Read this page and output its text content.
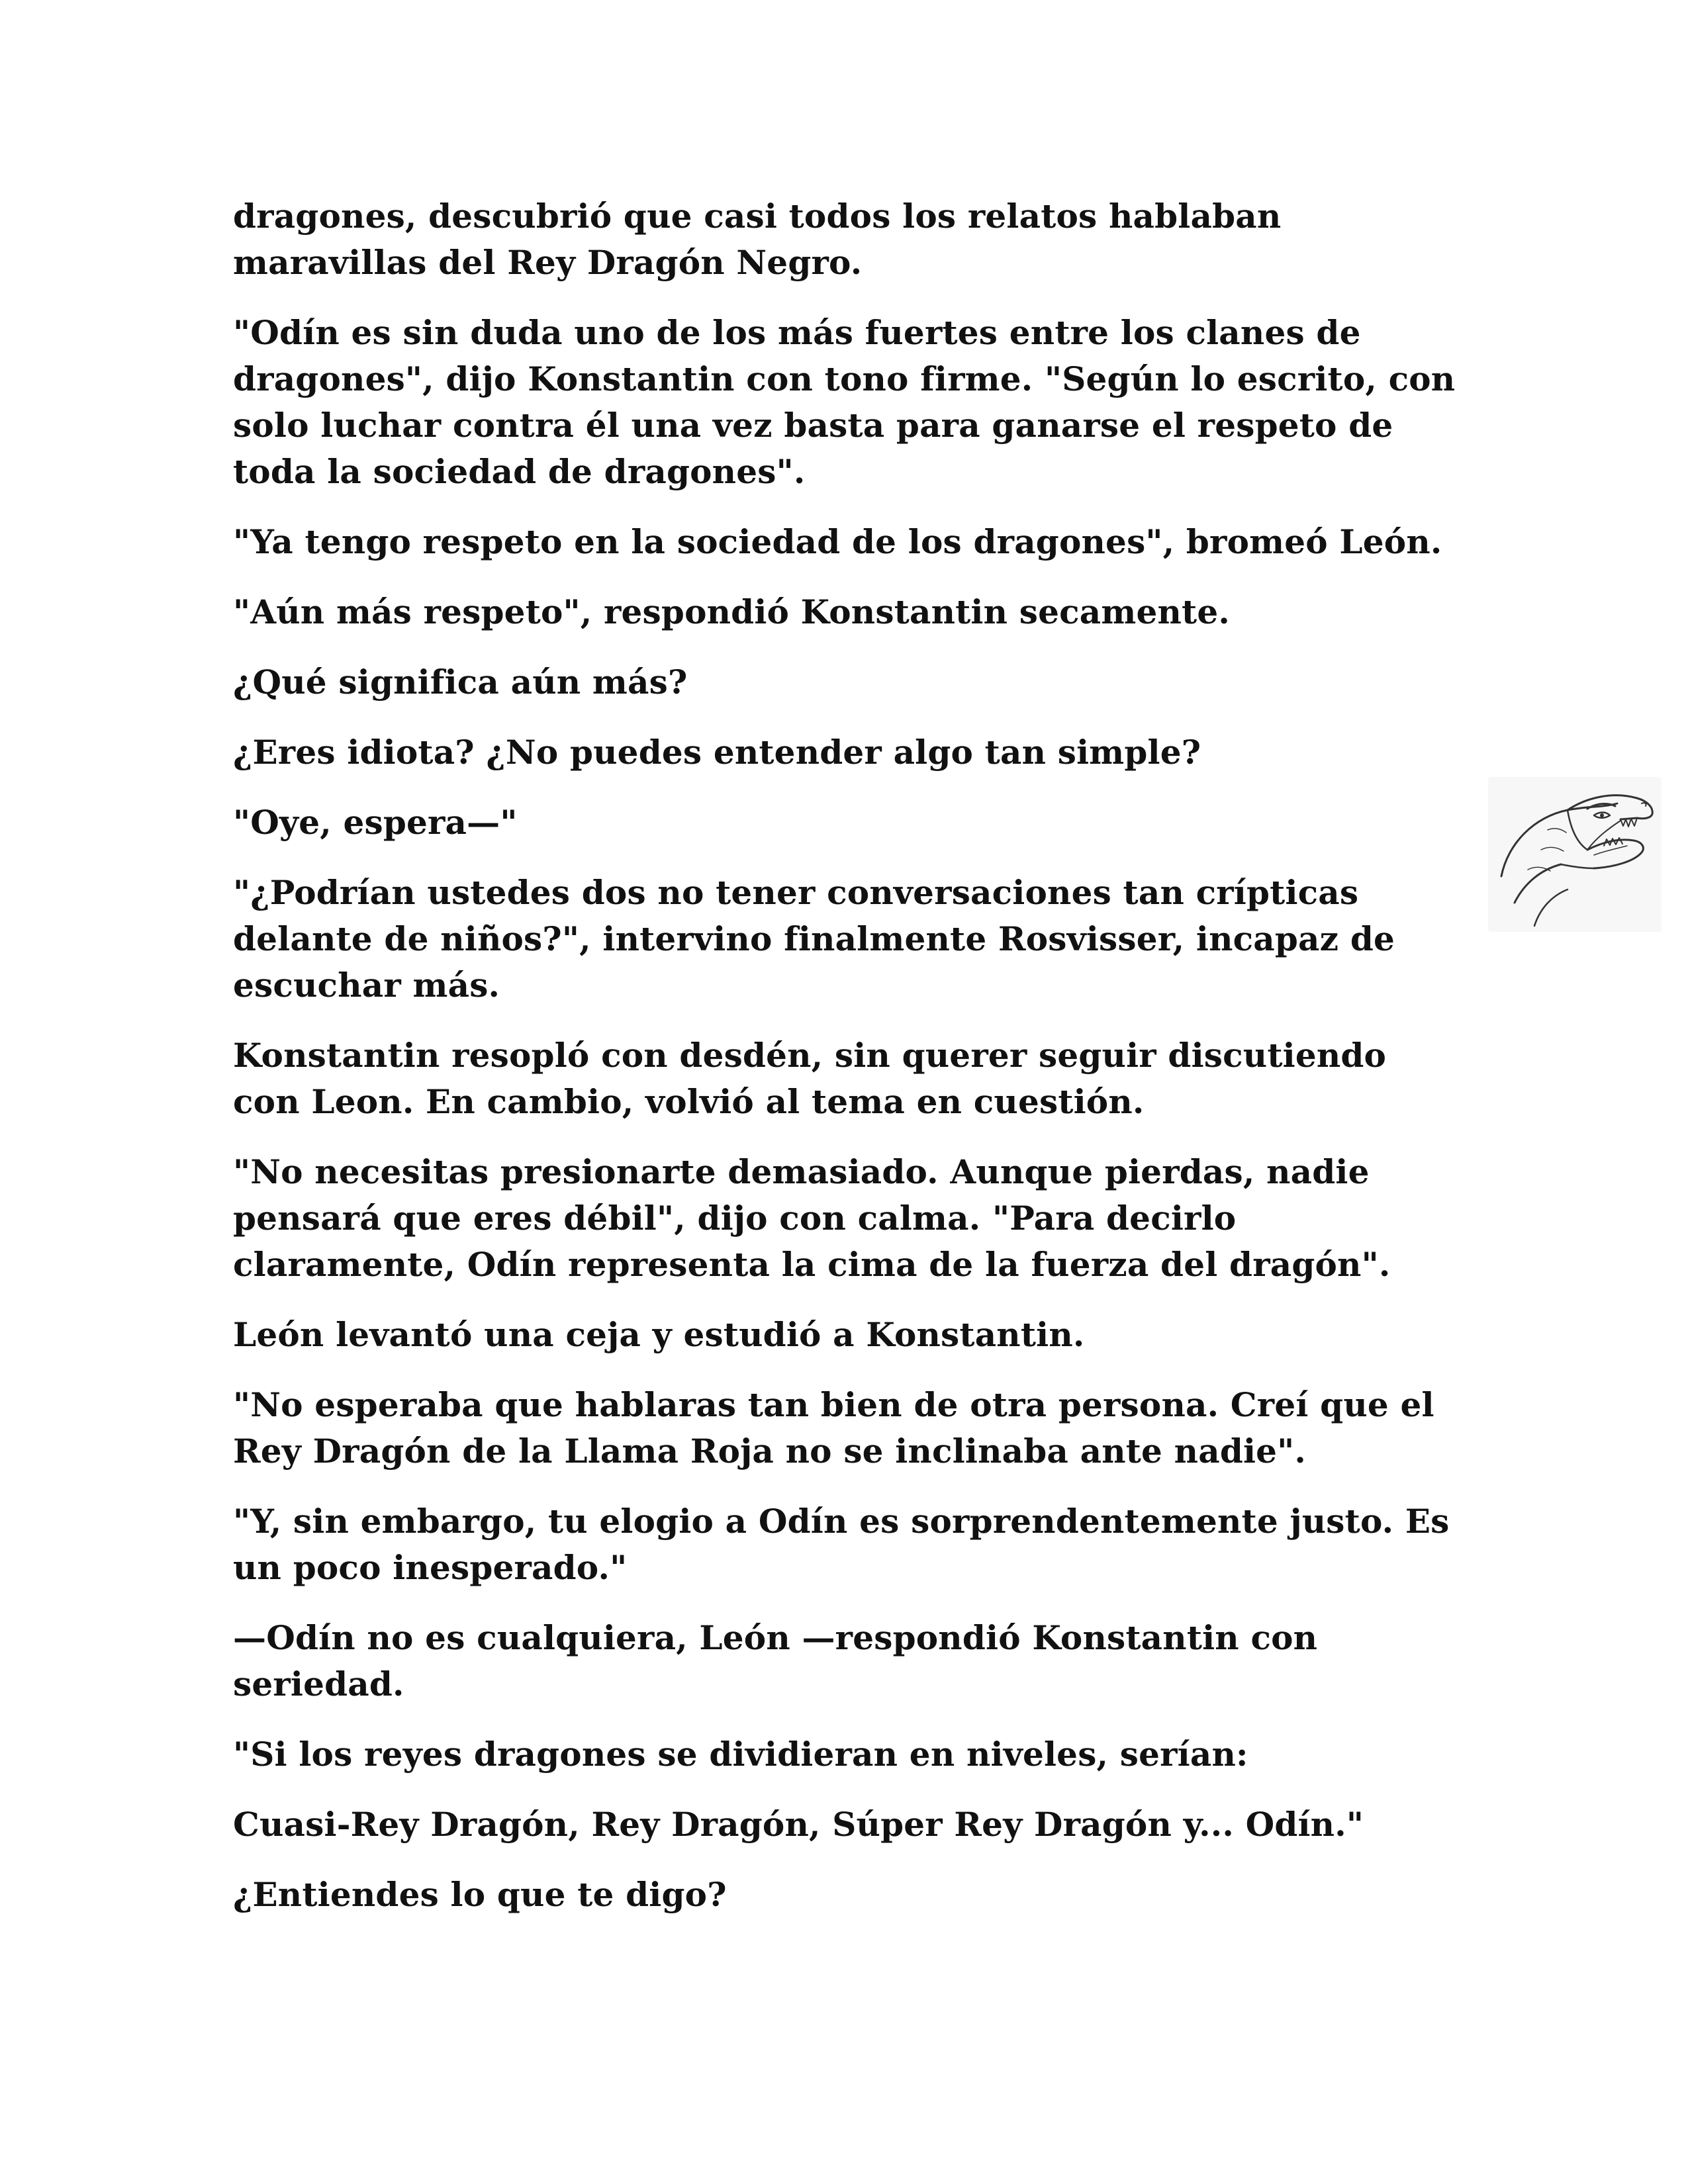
dragones, descubrió que casi todos los relatos hablaban maravillas del Rey Dragón Negro.

"Odín es sin duda uno de los más fuertes entre los clanes de dragones", dijo Konstantin con tono firme. "Según lo escrito, con solo luchar contra él una vez basta para ganarse el respeto de toda la sociedad de dragones".

"Ya tengo respeto en la sociedad de los dragones", bromeó León.

"Aún más respeto", respondió Konstantin secamente.

¿Qué significa aún más?

¿Eres idiota? ¿No puedes entender algo tan simple?

"Oye, espera—"

"¿Podrían ustedes dos no tener conversaciones tan crípticas delante de niños?", intervino finalmente Rosvisser, incapaz de escuchar más.

Konstantin resopló con desdén, sin querer seguir discutiendo con Leon. En cambio, volvió al tema en cuestión.

"No necesitas presionarte demasiado. Aunque pierdas, nadie pensará que eres débil", dijo con calma. "Para decirlo claramente, Odín representa la cima de la fuerza del dragón".

León levantó una ceja y estudió a Konstantin.

"No esperaba que hablaras tan bien de otra persona. Creí que el Rey Dragón de la Llama Roja no se inclinaba ante nadie".

"Y, sin embargo, tu elogio a Odín es sorprendentemente justo. Es un poco inesperado."

—Odín no es cualquiera, León —respondió Konstantin con seriedad.

"Si los reyes dragones se dividieran en niveles, serían:

Cuasi-Rey Dragón, Rey Dragón, Súper Rey Dragón y... Odín."

¿Entiendes lo que te digo?
